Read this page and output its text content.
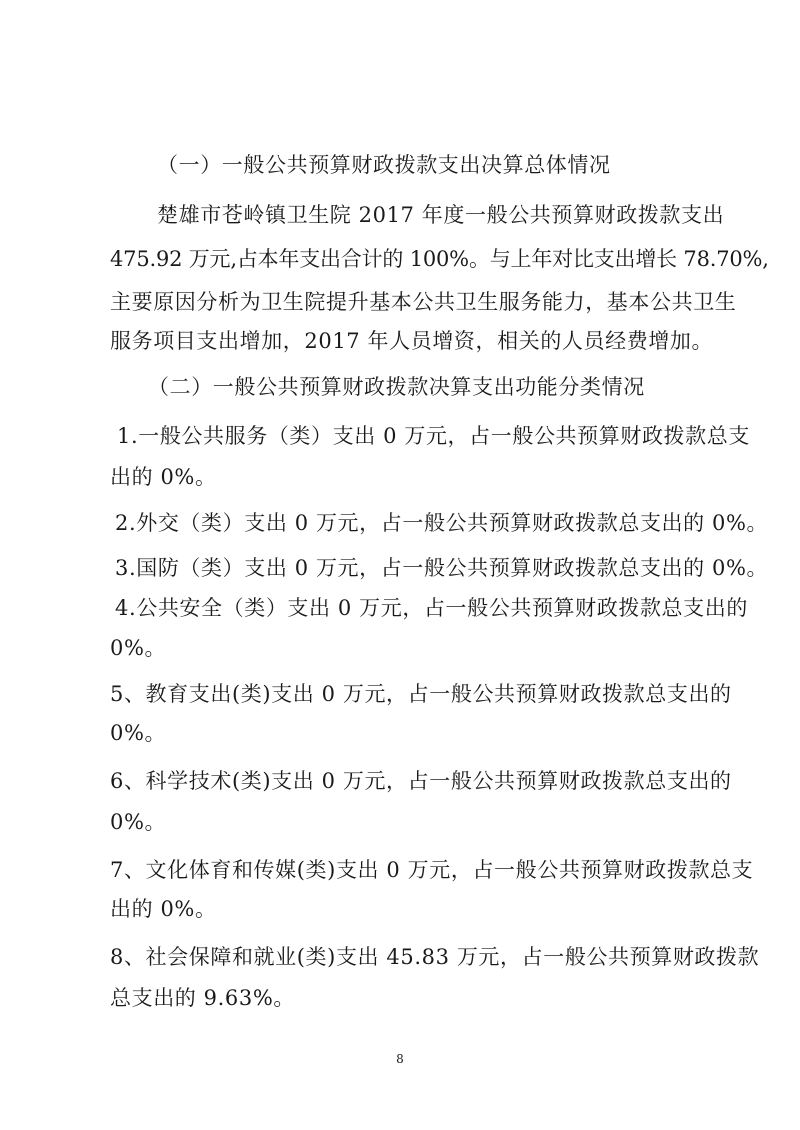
（一）一般公共预算财政拨款支出决算总体情况
楚雄市苍岭镇卫生院 2017 年度一般公共预算财政拨款支出
475.92 万元,占本年支出合计的 100%。与上年对比支出增长 78.70%,
主要原因分析为卫生院提升基本公共卫生服务能力，基本公共卫生
服务项目支出增加，2017 年人员增资，相关的人员经费增加。
（二）一般公共预算财政拨款决算支出功能分类情况
1.一般公共服务（类）支出 0 万元，占一般公共预算财政拨款总支
出的 0%。
2.外交（类）支出 0 万元，占一般公共预算财政拨款总支出的 0%。
3.国防（类）支出 0 万元，占一般公共预算财政拨款总支出的 0%。
4.公共安全（类）支出 0 万元，占一般公共预算财政拨款总支出的
0%。
5、教育支出(类)支出 0 万元，占一般公共预算财政拨款总支出的
0%。
6、科学技术(类)支出 0 万元，占一般公共预算财政拨款总支出的
0%。
7、文化体育和传媒(类)支出 0 万元，占一般公共预算财政拨款总支
出的 0%。
8、社会保障和就业(类)支出 45.83 万元，占一般公共预算财政拨款
总支出的 9.63%。
8
